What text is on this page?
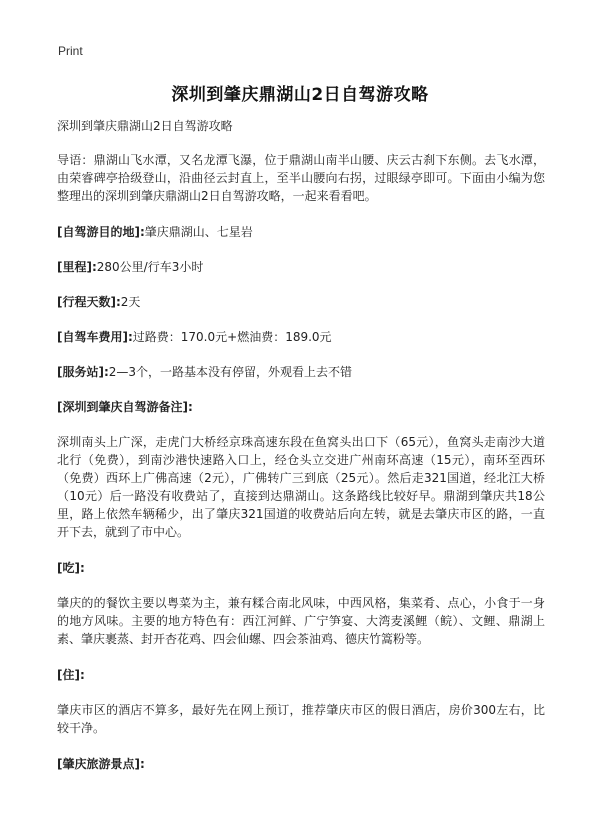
Print
深圳到肇庆鼎湖山2日自驾游攻略

深圳到肇庆鼎湖山2日自驾游攻略

导语：鼎湖山飞水潭，又名龙潭飞瀑，位于鼎湖山南半山腰、庆云古刹下东侧。去飞水潭，由荣睿碑亭拾级登山，沿曲径云封直上，至半山腰向右拐，过眼绿亭即可。下面由小编为您整理出的深圳到肇庆鼎湖山2日自驾游攻略，一起来看看吧。

[自驾游目的地]:肇庆鼎湖山、七星岩

[里程]:280公里/行车3小时

[行程天数]:2天

[自驾车费用]:过路费：170.0元+燃油费：189.0元

[服务站]:2—3个，一路基本没有停留，外观看上去不错

[深圳到肇庆自驾游备注]:

深圳南头上广深，走虎门大桥经京珠高速东段在鱼窝头出口下（65元），鱼窝头走南沙大道北行（免费），到南沙港快速路入口上，经仓头立交进广州南环高速（15元），南环至西环（免费）西环上广佛高速（2元），广佛转广三到底（25元）。然后走321国道，经北江大桥（10元）后一路没有收费站了，直接到达鼎湖山。这条路线比较好早。鼎湖到肇庆共18公里，路上依然车辆稀少，出了肇庆321国道的收费站后向左转，就是去肇庆市区的路，一直开下去，就到了市中心。

[吃]:

肇庆的的餐饮主要以粤菜为主，兼有糅合南北风味，中西风格，集菜肴、点心，小食于一身的地方风味。主要的地方特色有：西江河鲜、广宁笋宴、大湾麦溪鲤（鲩）、文鲤、鼎湖上素、肇庆裹蒸、封开杏花鸡、四会仙螺、四会茶油鸡、德庆竹篙粉等。

[住]:

肇庆市区的酒店不算多，最好先在网上预订，推荐肇庆市区的假日酒店，房价300左右，比较干净。

[肇庆旅游景点]:
